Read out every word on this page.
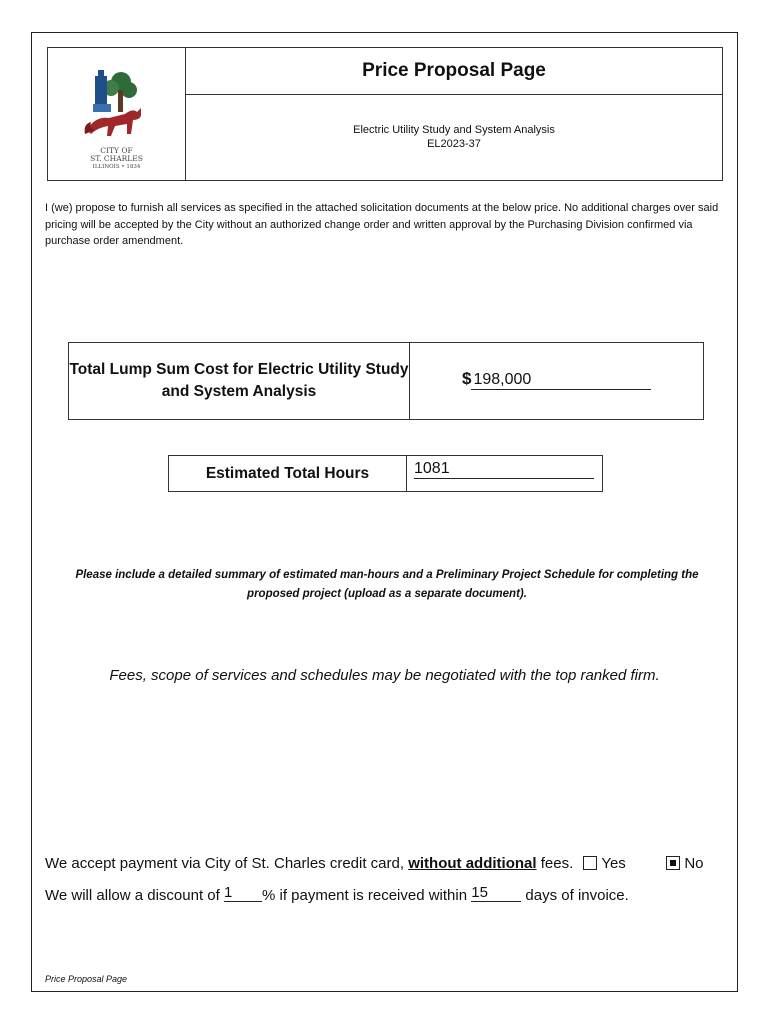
CITY OF
ST. CHARLES
ILLINOIS • 1834
Price Proposal Page
Electric Utility Study and System Analysis
EL2023-37
I (we) propose to furnish all services as specified in the attached solicitation documents at the below price. No additional charges over said pricing will be accepted by the City without an authorized change order and written approval by the Purchasing Division confirmed via purchase order amendment.
Total Lump Sum Cost for Electric Utility Study and System Analysis
$ 198,000
Estimated Total Hours	1081
Please include a detailed summary of estimated man-hours and a Preliminary Project Schedule for completing the proposed project (upload as a separate document).
Fees, scope of services and schedules may be negotiated with the top ranked firm.
We accept payment via City of St. Charles credit card, without additional fees. Yes	No
We will allow a discount of 1 % if payment is received within 15 days of invoice.
Price Proposal Page
